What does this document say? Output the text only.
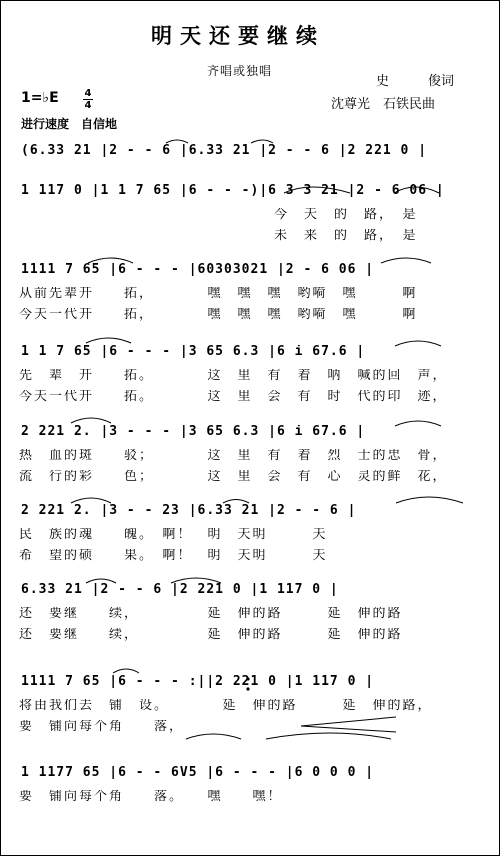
明天还要继续
齐唱或独唱
史　　　俊词
沈尊光　石铁民曲
1=♭E	4
4
进行速度　自信地
(6.33 21 |2 - - 6 |6.33 21 |2 - - 6 |2 221 0 |
1 117 0 |1 1 7 65 |6 - - -)|6 3 3 21 |2 - 6 06 |
　　　　　　　　　　　　　　　　　今　天　的　路，　是
　　　　　　　　　　　　　　　　　未　来　的　路，　是
1111 7 65 |6 - - - |60303021 |2 - 6 06 |
从前先辈开　　拓，　　　　嘿　嘿　嘿　哟嗬　嘿　　　啊
今天一代开　　拓，　　　　嘿　嘿　嘿　哟嗬　嘿　　　啊
1 1 7 65 |6 - - - |3 65 6.3 |6 i 67.6 |
先　辈　开　　拓。　　　　这　里　有　着　呐　喊的回　声，
今天一代开　　拓。　　　　这　里　会　有　时　代的印　迹，
2 221 2. |3 - - - |3 65 6.3 |6 i 67.6 |
热　血的斑　　驳；　　　　这　里　有　着　烈　士的忠　骨，
流　行的彩　　色；　　　　这　里　会　有　心　灵的鲜　花，
2 221 2. |3 - - 23 |6.33 21 |2 - - 6 |
民　族的魂　　魄。　啊！　明　天明　　　天
希　望的硕　　果。　啊！　明　天明　　　天
6.33 21 |2 - - 6 |2 221 0 |1 117 0 |
还　要继　　续，　　　　　延　伸的路　　　延　伸的路
还　要继　　续，　　　　　延　伸的路　　　延　伸的路
1111 7 65 |6 - - - :||2 221 0 |1 117 0 |
将由我们去　铺　设。　　　　延　伸的路　　　延　伸的路，
要　铺向每个角　　落，
1 1177 65 |6 - - 6V5 |6 - - - |6 0 0 0 |
要　铺向每个角　　落。　　嘿　　嘿！
